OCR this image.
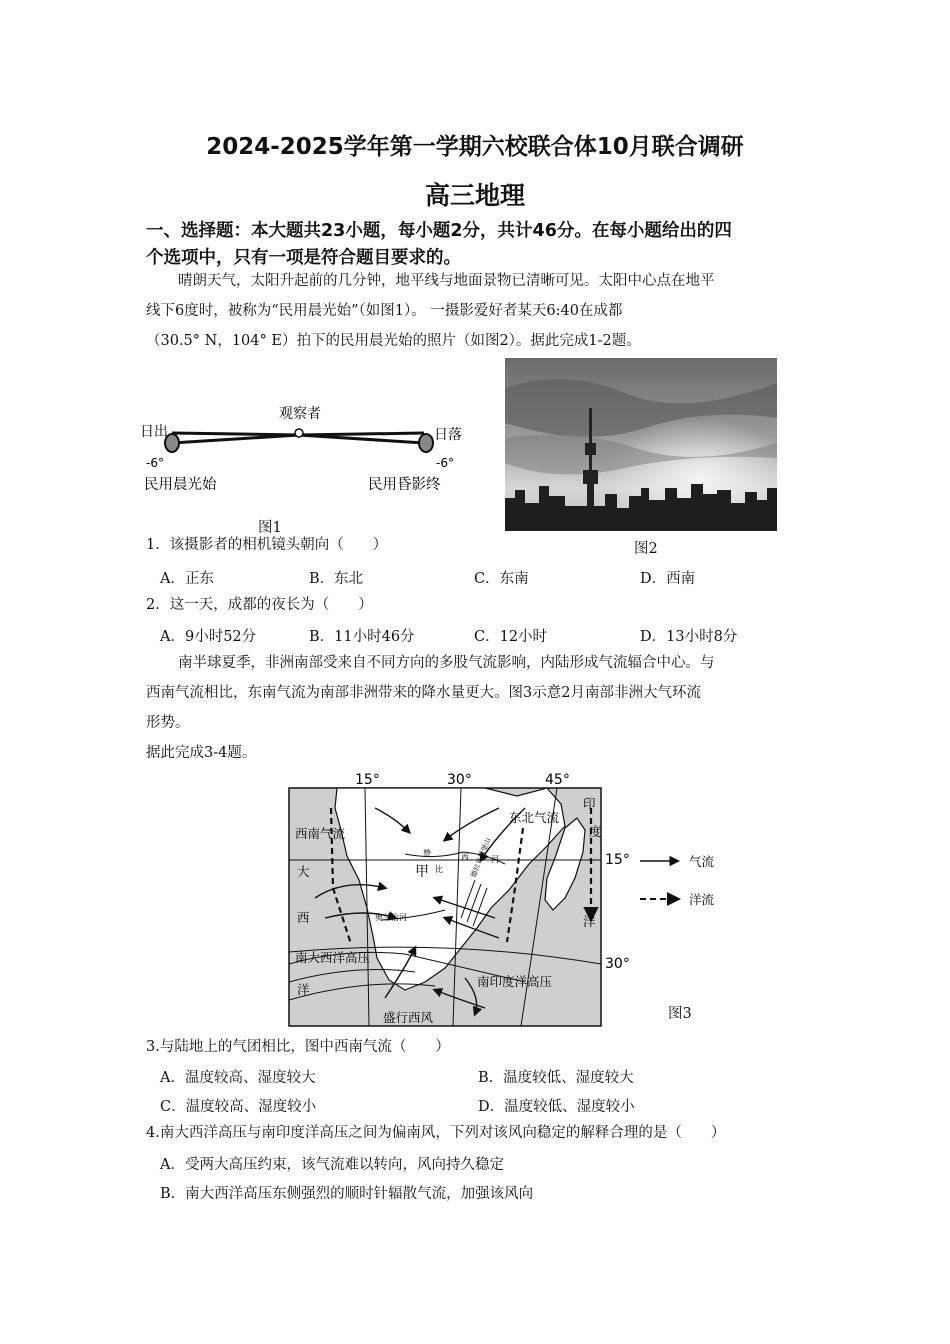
2024-2025学年第一学期六校联合体10月联合调研
高三地理
一、选择题：本大题共23小题，每小题2分，共计46分。在每小题给出的四
个选项中，只有一项是符合题目要求的。
晴朗天气，太阳升起前的几分钟，地平线与地面景物已清晰可见。太阳中心点在地平
线下6度时，被称为“民用晨光始”（如图1）。 一摄影爱好者某天6:40在成都
（30.5° N，104° E）拍下的民用晨光始的照片（如图2）。据此完成1-2题。
观察者
日出	日落
-6°	-6°
民用晨光始	民用昏影终
图1
图2
1．该摄影者的相机镜头朝向（　　）
A．正东	B．东北	C．东南	D．西南
2．这一天，成都的夜长为（　　）
A．9小时52分	B．11小时46分	C．12小时	D．13小时8分
南半球夏季，非洲南部受来自不同方向的多股气流影响，内陆形成气流辐合中心。与
西南气流相比，东南气流为南部非洲带来的降水量更大。图3示意2月南部非洲大气环流
形势。
据此完成3-4题。
15°	30°	45°
西南气流
东北气流
大
西
洋
南大西洋高压
南印度洋高压
盛行西风
印
度
洋
甲
赞
比
西	河
奥兰治河
德拉肯斯堡山	15°
30°
气流
洋流
图3
3.与陆地上的气团相比，图中西南气流（　　）
A．温度较高、湿度较大	B．温度较低、湿度较大
C．温度较高、湿度较小	D．温度较低、湿度较小
4.南大西洋高压与南印度洋高压之间为偏南风，下列对该风向稳定的解释合理的是（　　）
A．受两大高压约束，该气流难以转向，风向持久稳定
B．南大西洋高压东侧强烈的顺时针辐散气流，加强该风向
